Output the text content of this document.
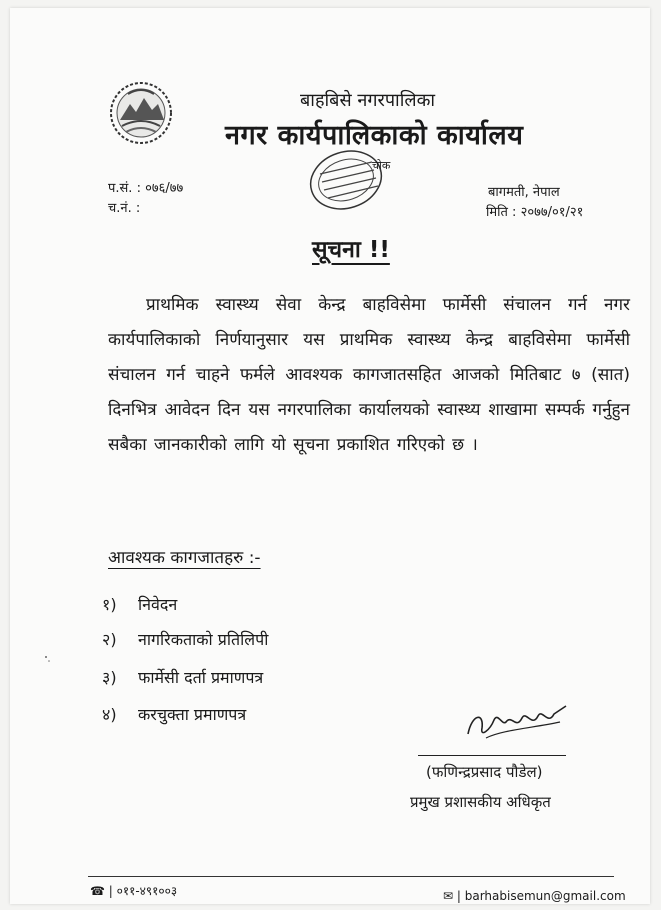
बाहबिसे नगरपालिका
नगर कार्यपालिकाको कार्यालय
चोक
प.सं. : ०७६/७७
च.नं. :
बागमती, नेपाल
मिति : २०७७/०१/२१
सूचना !!
प्राथमिक स्वास्थ्य सेवा केन्द्र बाहविसेमा फार्मेसी संचालन गर्न नगर कार्यपालिकाको निर्णयानुसार यस प्राथमिक स्वास्थ्य केन्द्र बाहविसेमा फार्मेसी संचालन गर्न चाहने फर्मले आवश्यक कागजातसहित आजको मितिबाट ७ (सात) दिनभित्र आवेदन दिन यस नगरपालिका कार्यालयको स्वास्थ्य शाखामा सम्पर्क गर्नुहुन सबैका जानकारीको लागि यो सूचना प्रकाशित गरिएको छ ।
आवश्यक कागजातहरु :-
१) निवेदन
२) नागरिकताको प्रतिलिपी
३) फार्मेसी दर्ता प्रमाणपत्र
४) करचुक्ता प्रमाणपत्र
(फणिन्द्रप्रसाद पौडेल)
प्रमुख प्रशासकीय अधिकृत
☎ | ०११-४९१००३	✉ | barhabisemun@gmail.com
